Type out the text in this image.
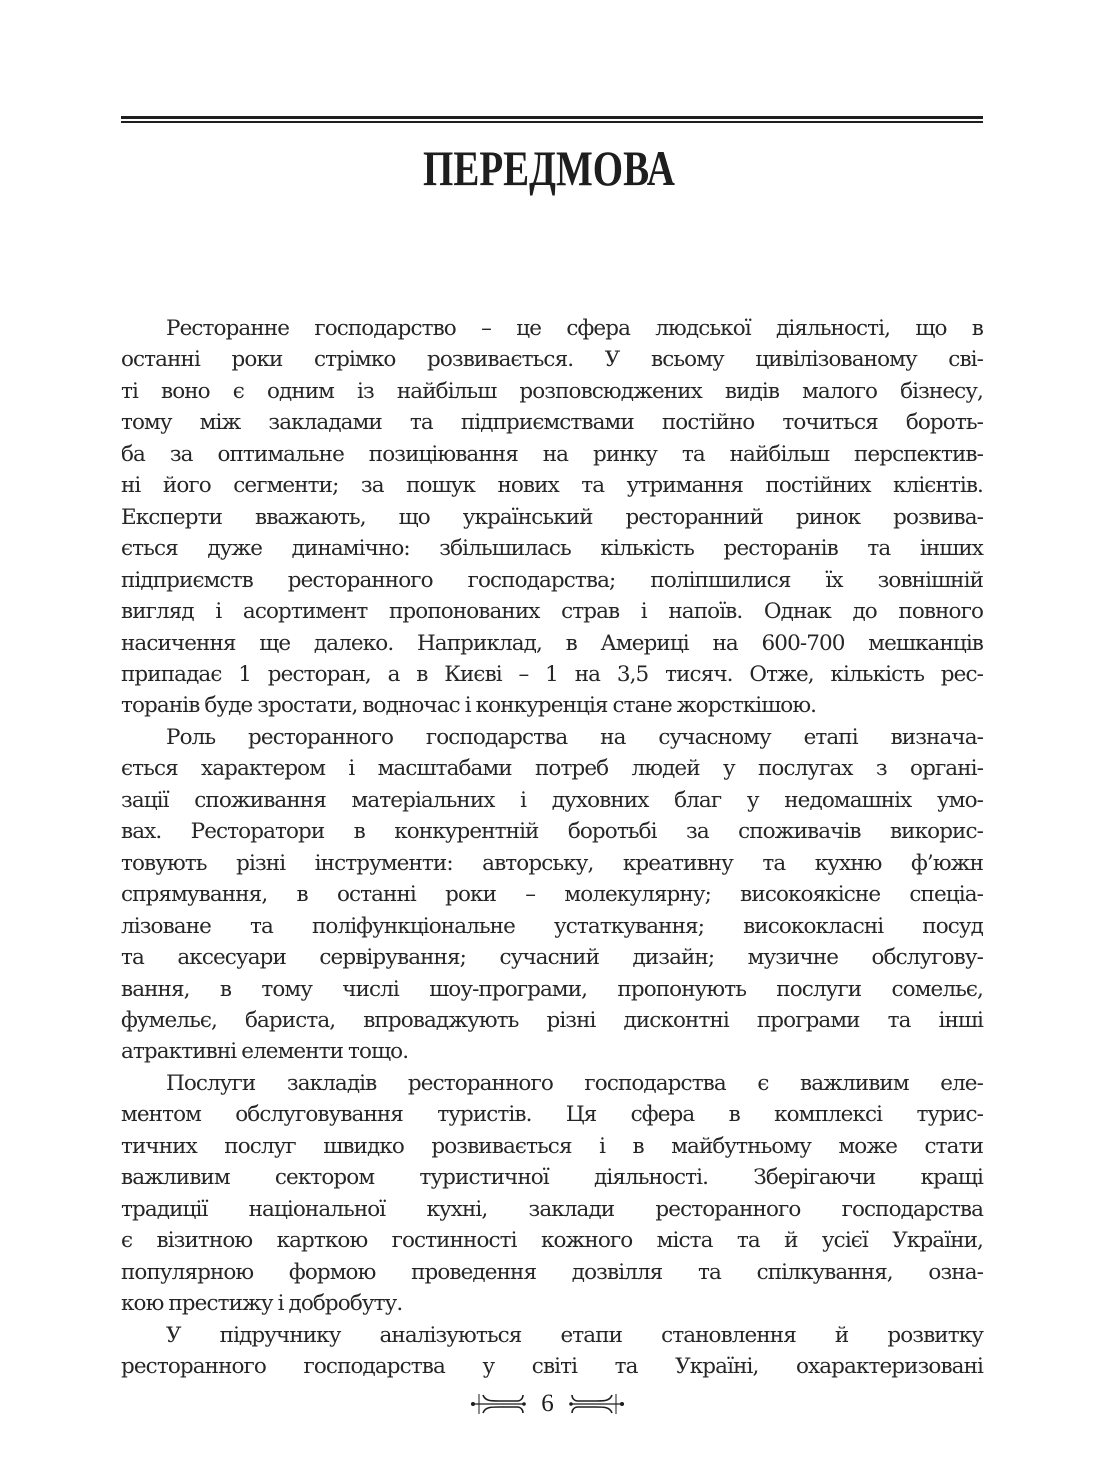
ПЕРЕДМОВА
Ресторанне господарство – це сфера людської діяльності, що в
останні роки стрімко розвивається. У всьому цивілізованому сві-
ті воно є одним із найбільш розповсюджених видів малого бізнесу,
тому між закладами та підприємствами постійно точиться бороть-
ба за оптимальне позиціювання на ринку та найбільш перспектив-
ні його сегменти; за пошук нових та утримання постійних клієнтів.
Експерти вважають, що український ресторанний ринок розвива-
ється дуже динамічно: збільшилась кількість ресторанів та інших
підприємств ресторанного господарства; поліпшилися їх зовнішній
вигляд і асортимент пропонованих страв і напоїв. Однак до повного
насичення ще далеко. Наприклад, в Америці на 600-700 мешканців
припадає 1 ресторан, а в Києві – 1 на 3,5 тисяч. Отже, кількість рес-
торанів буде зростати, водночас і конкуренція стане жорсткішою.
Роль ресторанного господарства на сучасному етапі визнача-
ється характером і масштабами потреб людей у послугах з органі-
зації споживання матеріальних і духовних благ у недомашніх умо-
вах. Ресторатори в конкурентній боротьбі за споживачів викорис-
товують різні інструменти: авторську, креативну та кухню ф’южн
спрямування, в останні роки – молекулярну; високоякісне спеціа-
лізоване та поліфункціональне устаткування; висококласні посуд
та аксесуари сервірування; сучасний дизайн; музичне обслугову-
вання, в тому числі шоу-програми, пропонують послуги сомельє,
фумельє, бариста, впроваджують різні дисконтні програми та інші
атрактивні елементи тощо.
Послуги закладів ресторанного господарства є важливим еле-
ментом обслуговування туристів. Ця сфера в комплексі турис-
тичних послуг швидко розвивається і в майбутньому може стати
важливим сектором туристичної діяльності. Зберігаючи кращі
традиції національної кухні, заклади ресторанного господарства
є візитною карткою гостинності кожного міста та й усієї України,
популярною формою проведення дозвілля та спілкування, озна-
кою престижу і добробуту.
У підручнику аналізуються етапи становлення й розвитку
ресторанного господарства у світі та Україні, охарактеризовані
6
